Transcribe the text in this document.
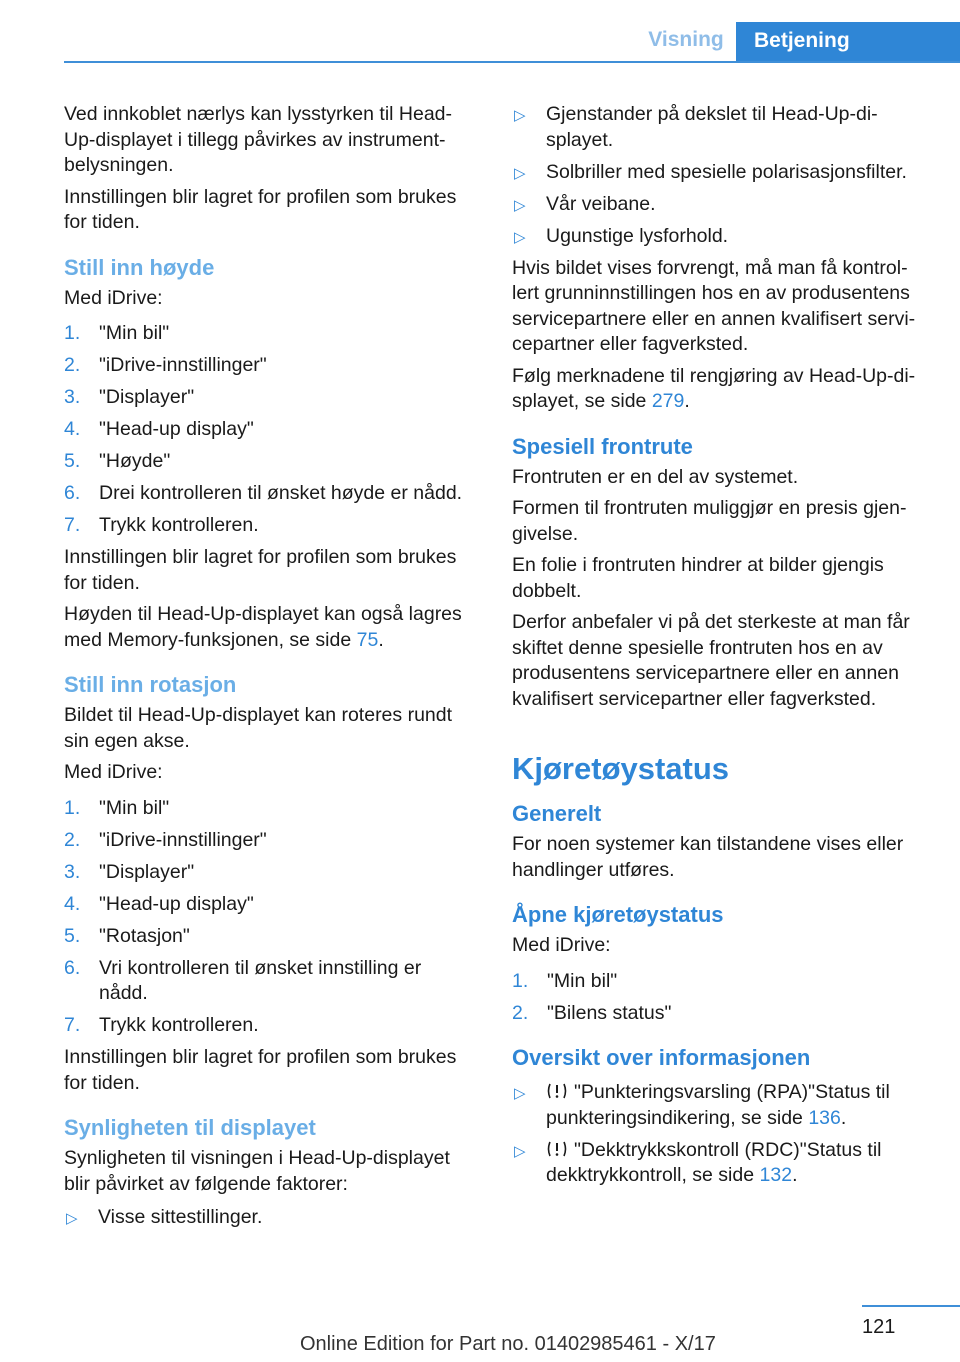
Visning	Betjening

Ved innkoblet nærlys kan lysstyrken til Head-Up-displayet i tillegg påvirkes av instrument-belysningen.

Innstillingen blir lagret for profilen som brukes for tiden.

Still inn høyde

Med iDrive:

1. "Min bil"
2. "iDrive-innstillinger"
3. "Displayer"
4. "Head-up display"
5. "Høyde"
6. Drei kontrolleren til ønsket høyde er nådd.
7. Trykk kontrolleren.

Innstillingen blir lagret for profilen som brukes for tiden.

Høyden til Head-Up-displayet kan også lagres med Memory-funksjonen, se side 75.

Still inn rotasjon

Bildet til Head-Up-displayet kan roteres rundt sin egen akse.

Med iDrive:

1. "Min bil"
2. "iDrive-innstillinger"
3. "Displayer"
4. "Head-up display"
5. "Rotasjon"
6. Vri kontrolleren til ønsket innstilling er nådd.
7. Trykk kontrolleren.

Innstillingen blir lagret for profilen som brukes for tiden.

Synligheten til displayet

Synligheten til visningen i Head-Up-displayet blir påvirket av følgende faktorer:

▷ Visse sittestillinger.
▷ Gjenstander på dekslet til Head-Up-di-splayet.
▷ Solbriller med spesielle polarisasjonsfilter.
▷ Vår veibane.
▷ Ugunstige lysforhold.

Hvis bildet vises forvrengt, må man få kontrol-lert grunninnstillingen hos en av produsentens servicepartnere eller en annen kvalifisert servi-cepartner eller fagverksted.

Følg merknadene til rengjøring av Head-Up-di-splayet, se side 279.

Spesiell frontrute

Frontruten er en del av systemet.

Formen til frontruten muliggjør en presis gjen-givelse.

En folie i frontruten hindrer at bilder gjengis dobbelt.

Derfor anbefaler vi på det sterkeste at man får skiftet denne spesielle frontruten hos en av produsentens servicepartnere eller en annen kvalifisert servicepartner eller fagverksted.

Kjøretøystatus
Generelt

For noen systemer kan tilstandene vises eller handlinger utføres.

Åpne kjøretøystatus

Med iDrive:

1. "Min bil"
2. "Bilens status"
Oversikt over informasjonen
▷ "Punkteringsvarsling (RPA)"Status til punkteringsindikering, se side 136.
▷ "Dekktrykkskontroll (RDC)"Status til dekktrykkontroll, se side 132.
121
Online Edition for Part no. 01402985461 - X/17
